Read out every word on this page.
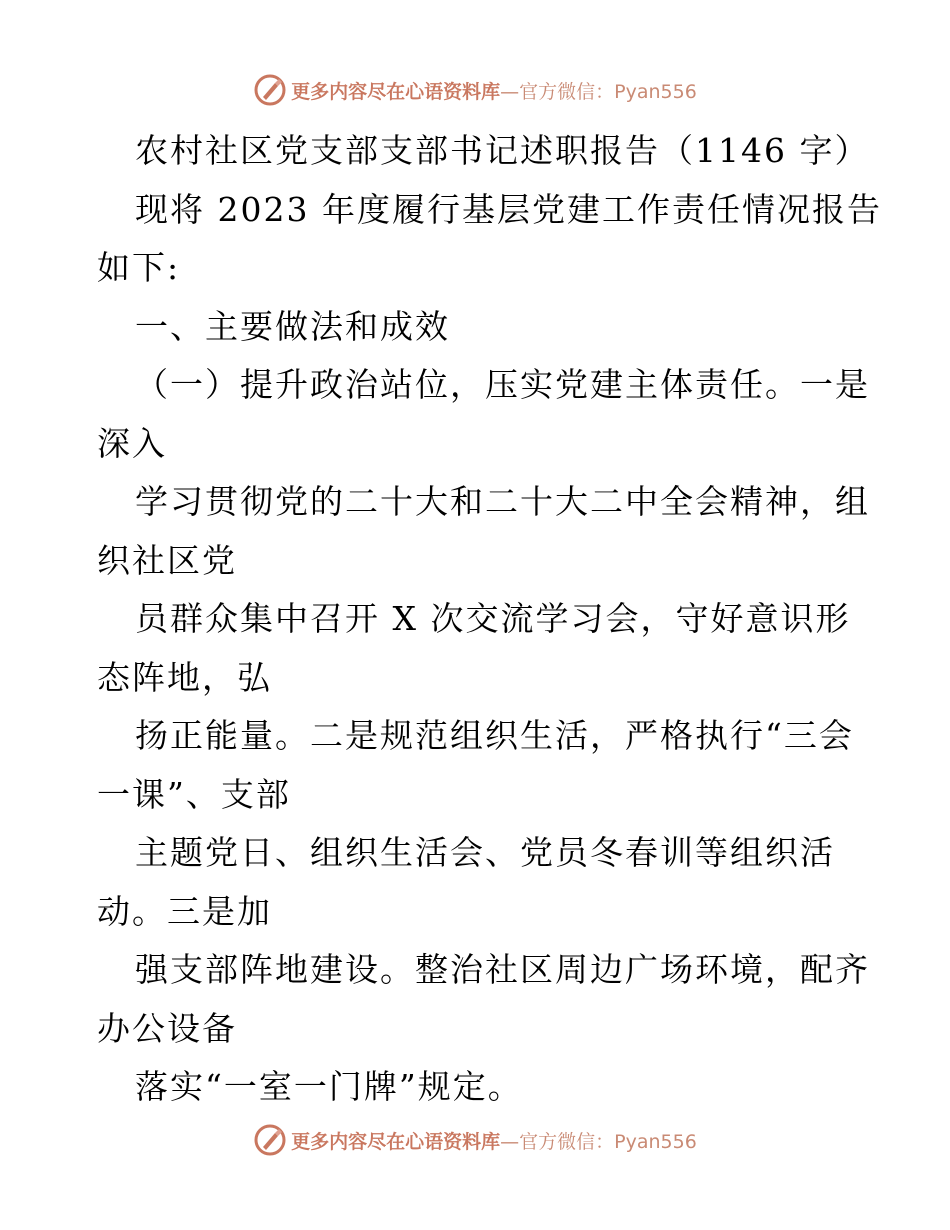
更多内容尽在心语资料库—官方微信：Pyan556
农村社区党支部支部书记述职报告（1146 字）
现将 2023 年度履行基层党建工作责任情况报告
如下:
一、主要做法和成效
（一）提升政治站位，压实党建主体责任。一是
深入
学习贯彻党的二十大和二十大二中全会精神，组
织社区党
员群众集中召开 X 次交流学习会，守好意识形
态阵地，弘
扬正能量。二是规范组织生活，严格执行“三会
一课”、支部
主题党日、组织生活会、党员冬春训等组织活
动。三是加
强支部阵地建设。整治社区周边广场环境，配齐
办公设备
落实“一室一门牌”规定。
更多内容尽在心语资料库—官方微信：Pyan556
